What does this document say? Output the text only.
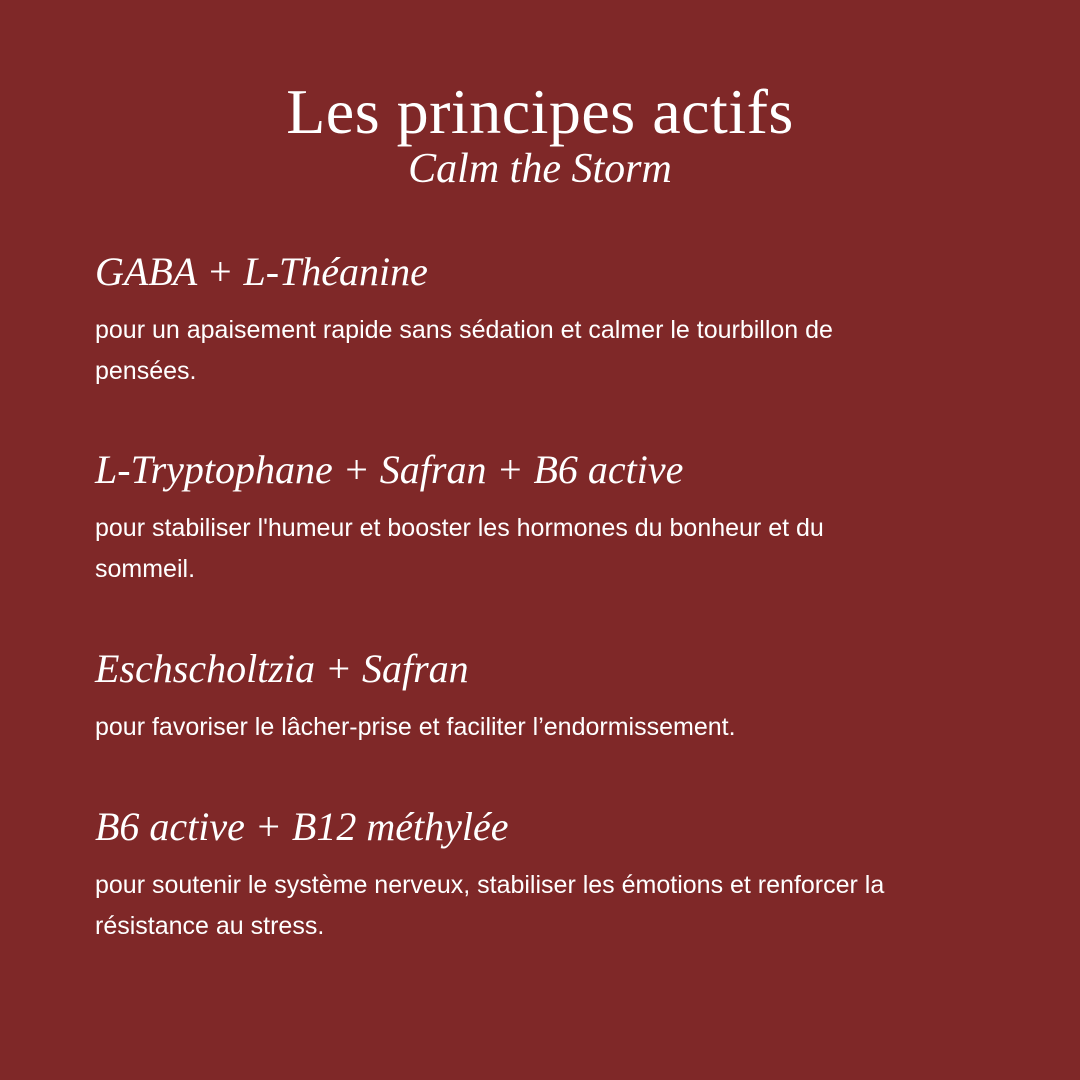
Les principes actifs

Calm the Storm

GABA + L-Théanine

pour un apaisement rapide sans sédation et calmer le tourbillon de pensées.

L-Tryptophane + Safran + B6 active

pour stabiliser l'humeur et booster les hormones du bonheur et du sommeil.

Eschscholtzia + Safran

pour favoriser le lâcher-prise et faciliter l’endormissement.

B6 active + B12 méthylée

pour soutenir le système nerveux, stabiliser les émotions et renforcer la résistance au stress.
